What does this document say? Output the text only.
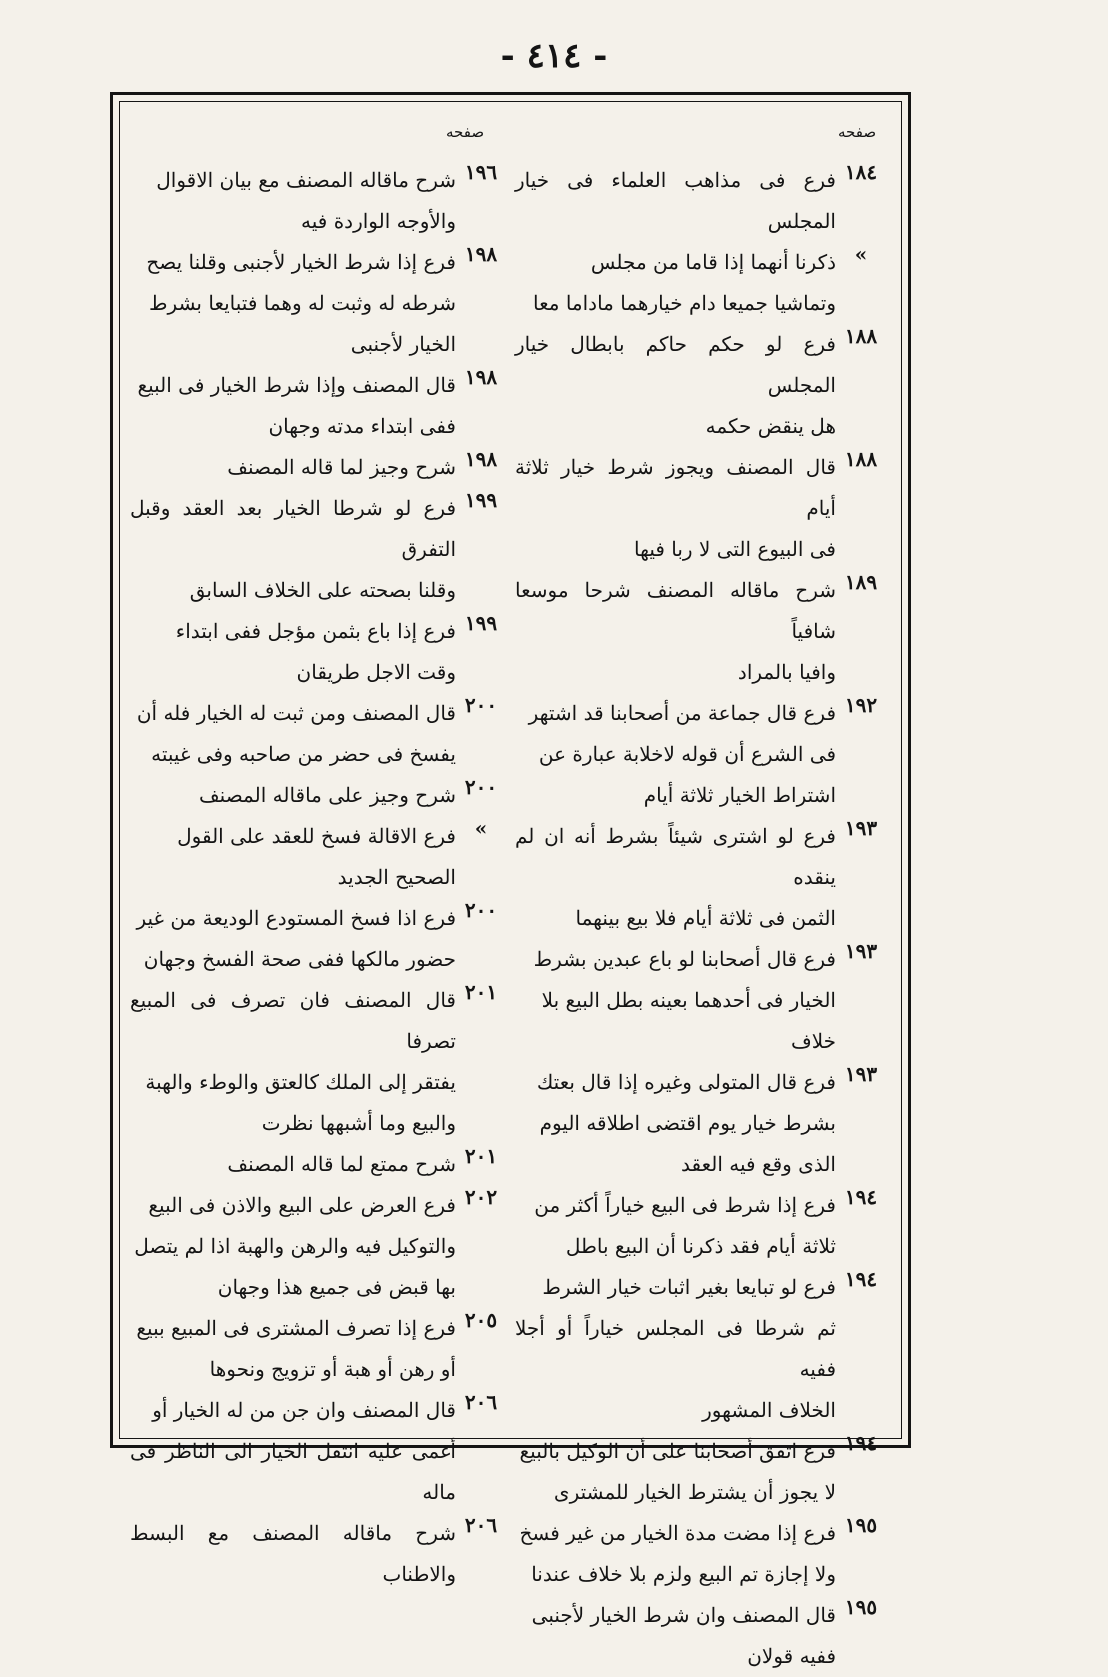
- ٤١٤ -
صفحه
صفحه
١٨٤
فرع فى مذاهب العلماء فى خيار المجلس
»
ذكرنا أنهما إذا قاما من مجلس
وتماشيا جميعا دام خيارهما ماداما معا
١٨٨
فرع لو حكم حاكم بابطال خيار المجلس
هل ينقض حكمه
١٨٨
قال المصنف ويجوز شرط خيار ثلاثة أيام
فى البيوع التى لا ربا فيها
١٨٩
شرح ماقاله المصنف شرحا موسعا شافياً
وافيا بالمراد
١٩٢
فرع قال جماعة من أصحابنا قد اشتهر
فى الشرع أن قوله لاخلابة عبارة عن
اشتراط الخيار ثلاثة أيام
١٩٣
فرع لو اشترى شيئاً بشرط أنه ان لم ينقده
الثمن فى ثلاثة أيام فلا بيع بينهما
١٩٣
فرع قال أصحابنا لو باع عبدين بشرط
الخيار فى أحدهما بعينه بطل البيع بلا
خلاف
١٩٣
فرع قال المتولى وغيره إذا قال بعتك
بشرط خيار يوم اقتضى اطلاقه اليوم
الذى وقع فيه العقد
١٩٤
فرع إذا شرط فى البيع خياراً أكثر من
ثلاثة أيام فقد ذكرنا أن البيع باطل
١٩٤
فرع لو تبايعا بغير اثبات خيار الشرط
ثم شرطا فى المجلس خياراً أو أجلا ففيه
الخلاف المشهور
١٩٤
فرع اتفق أصحابنا على أن الوكيل بالبيع
لا يجوز أن يشترط الخيار للمشترى
١٩٥
فرع إذا مضت مدة الخيار من غير فسخ
ولا إجازة تم البيع ولزم بلا خلاف عندنا
١٩٥
قال المصنف وان شرط الخيار لأجنبى
ففيه قولان
١٩٦
شرح ماقاله المصنف مع بيان الاقوال
والأوجه الواردة فيه
١٩٨
فرع إذا شرط الخيار لأجنبى وقلنا يصح
شرطه له وثبت له وهما فتبايعا بشرط
الخيار لأجنبى
١٩٨
قال المصنف وإذا شرط الخيار فى البيع
ففى ابتداء مدته وجهان
١٩٨
شرح وجيز لما قاله المصنف
١٩٩
فرع لو شرطا الخيار بعد العقد وقبل التفرق
وقلنا بصحته على الخلاف السابق
١٩٩
فرع إذا باع بثمن مؤجل ففى ابتداء
وقت الاجل طريقان
٢٠٠
قال المصنف ومن ثبت له الخيار فله أن
يفسخ فى حضر من صاحبه وفى غيبته
٢٠٠
شرح وجيز على ماقاله المصنف
»
فرع الاقالة فسخ للعقد على القول
الصحيح الجديد
٢٠٠
فرع اذا فسخ المستودع الوديعة من غير
حضور مالكها ففى صحة الفسخ وجهان
٢٠١
قال المصنف فان تصرف فى المبيع تصرفا
يفتقر إلى الملك كالعتق والوطء والهبة
والبيع وما أشبهها نظرت
٢٠١
شرح ممتع لما قاله المصنف
٢٠٢
فرع العرض على البيع والاذن فى البيع
والتوكيل فيه والرهن والهبة اذا لم يتصل
بها قبض فى جميع هذا وجهان
٢٠٥
فرع إذا تصرف المشترى فى المبيع ببيع
أو رهن أو هبة أو تزويج ونحوها
٢٠٦
قال المصنف وان جن من له الخيار أو
أغمى عليه انتقل الخيار الى الناظر فى ماله
٢٠٦
شرح ماقاله المصنف مع البسط والاطناب
